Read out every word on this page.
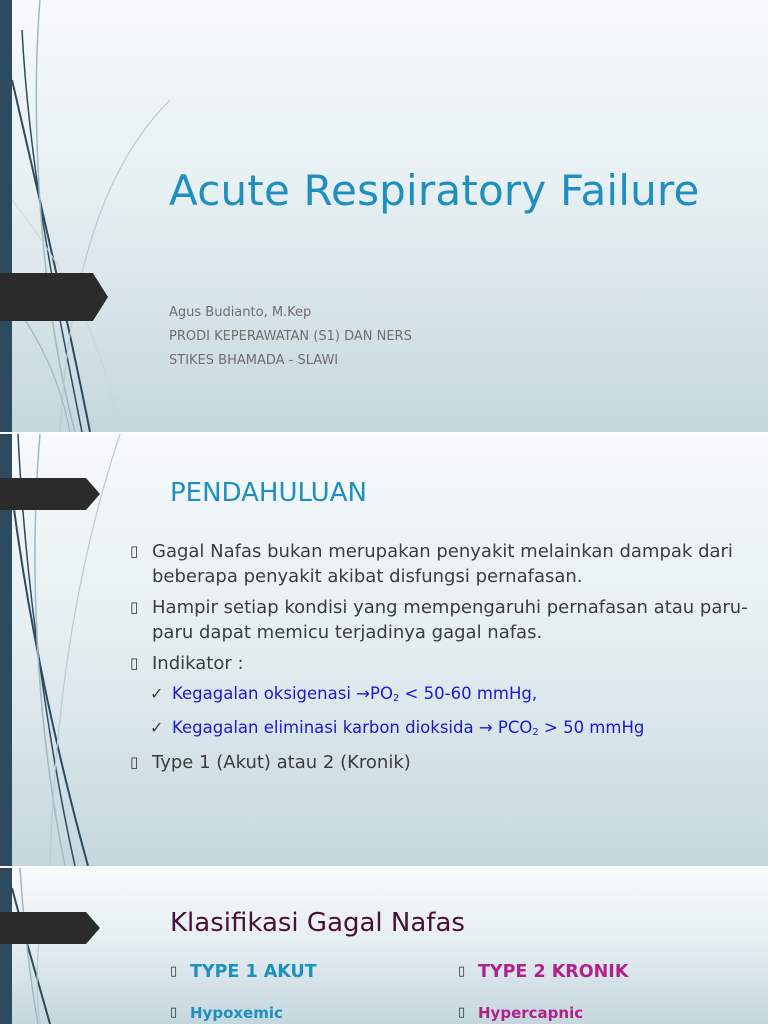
Acute Respiratory Failure
Agus Budianto, M.Kep
PRODI KEPERAWATAN (S1) DAN NERS
STIKES BHAMADA - SLAWI
PENDAHULUAN
▯ Gagal Nafas bukan merupakan penyakit melainkan dampak dari beberapa penyakit akibat disfungsi pernafasan.
▯ Hampir setiap kondisi yang mempengaruhi pernafasan atau paru-paru dapat memicu terjadinya gagal nafas.
▯ Indikator :
✓ Kegagalan oksigenasi $\to PO_2 < 50-60$ mmHg,
✓ Kegagalan eliminasi karbon dioksida → $PCO_2 > 50$ mmHg
▯ Type 1 (Akut) atau 2 (Kronik)
Klasifikasi Gagal Nafas
▯ TYPE 1 AKUT
▯ Hypoxemic
▯ TYPE 2 KRONIK
▯ Hypercapnic
